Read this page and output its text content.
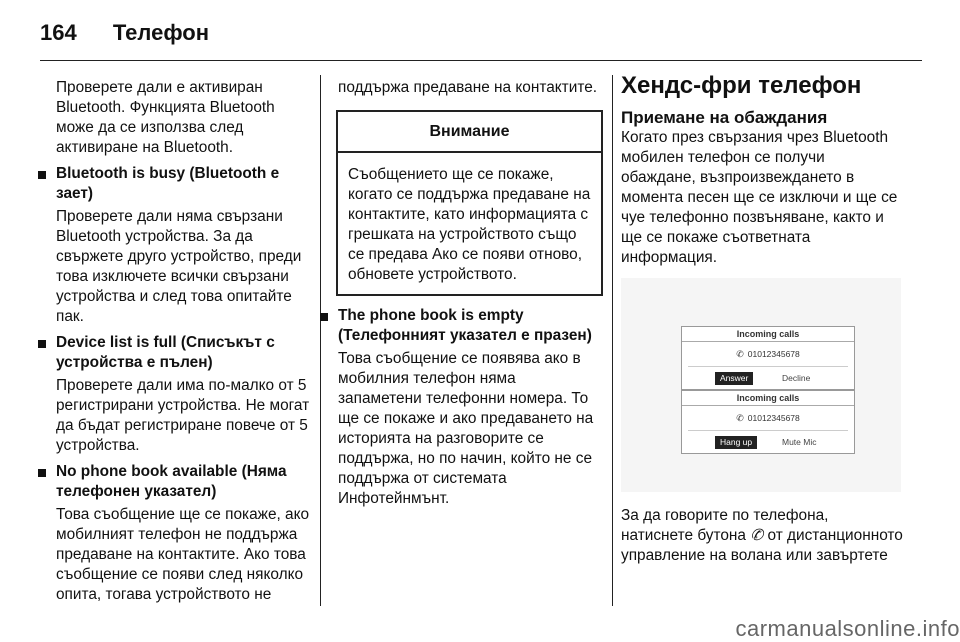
164 Телефон

Проверете дали е активиран Bluetooth. Функцията Bluetooth може да се използва след активиране на Bluetooth.

Bluetooth is busy (Bluetooth е зает)

Проверете дали няма свързани Bluetooth устройства. За да свържете друго устройство, преди това изключете всички свързани устройства и след това опитайте пак.

Device list is full (Списъкът с устройства е пълен)

Проверете дали има по-малко от 5 регистрирани устройства. Не могат да бъдат регистриране повече от 5 устройства.

No phone book available (Няма телефонен указател)

Това съобщение ще се покаже, ако мобилният телефон не поддържа предаване на контактите. Ако това съобщение се появи след няколко опита, тогава устройството не

поддържа предаване на контактите.

Внимание
Съобщението ще се покаже, когато се поддържа предаване на контактите, като информацията с грешката на устройството също се предава Ако се появи отново, обновете устройството.

The phone book is empty (Телефонният указател е празен)

Това съобщение се появява ако в мобилния телефон няма запаметени телефонни номера. То ще се покаже и ако предаването на историята на разговорите се поддържа, но по начин, който не се поддържа от системата Инфотейнмънт.

Хендс-фри телефон
Приемане на обаждания

Когато през свързания чрез Bluetooth мобилен телефон се получи обаждане, възпроизвеждането в момента песен ще се изключи и ще се чуе телефонно позвъняване, както и ще се покаже съответната информация.

Incoming calls
✆ 01012345678
Answer	Decline
Incoming calls
✆ 01012345678
Hang up	Mute Mic

За да говорите по телефона, натиснете бутона ✆ от дистанционното управление на волана или завъртете

carmanualsonline.info
